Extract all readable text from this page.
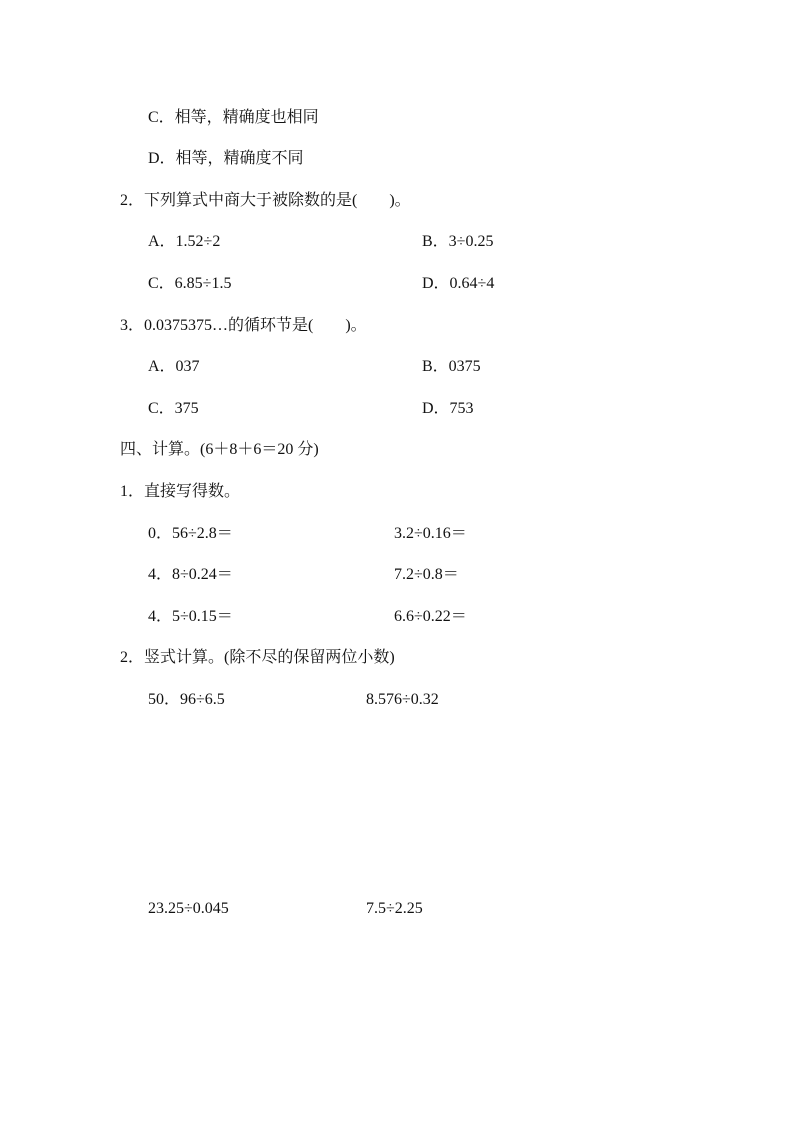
C．相等，精确度也相同
D．相等，精确度不同
2．下列算式中商大于被除数的是(　　)。
A．1.52÷2	B．3÷0.25
C．6.85÷1.5	D．0.64÷4
3．0.0375375…的循环节是(　　)。
A．037	B．0375
C．375	D．753
四、计算。(6＋8＋6＝20 分)
1．直接写得数。
0．56÷2.8＝	3.2÷0.16＝
4．8÷0.24＝	7.2÷0.8＝
4．5÷0.15＝	6.6÷0.22＝
2．竖式计算。(除不尽的保留两位小数)
50．96÷6.5	8.576÷0.32
23.25÷0.045	7.5÷2.25
